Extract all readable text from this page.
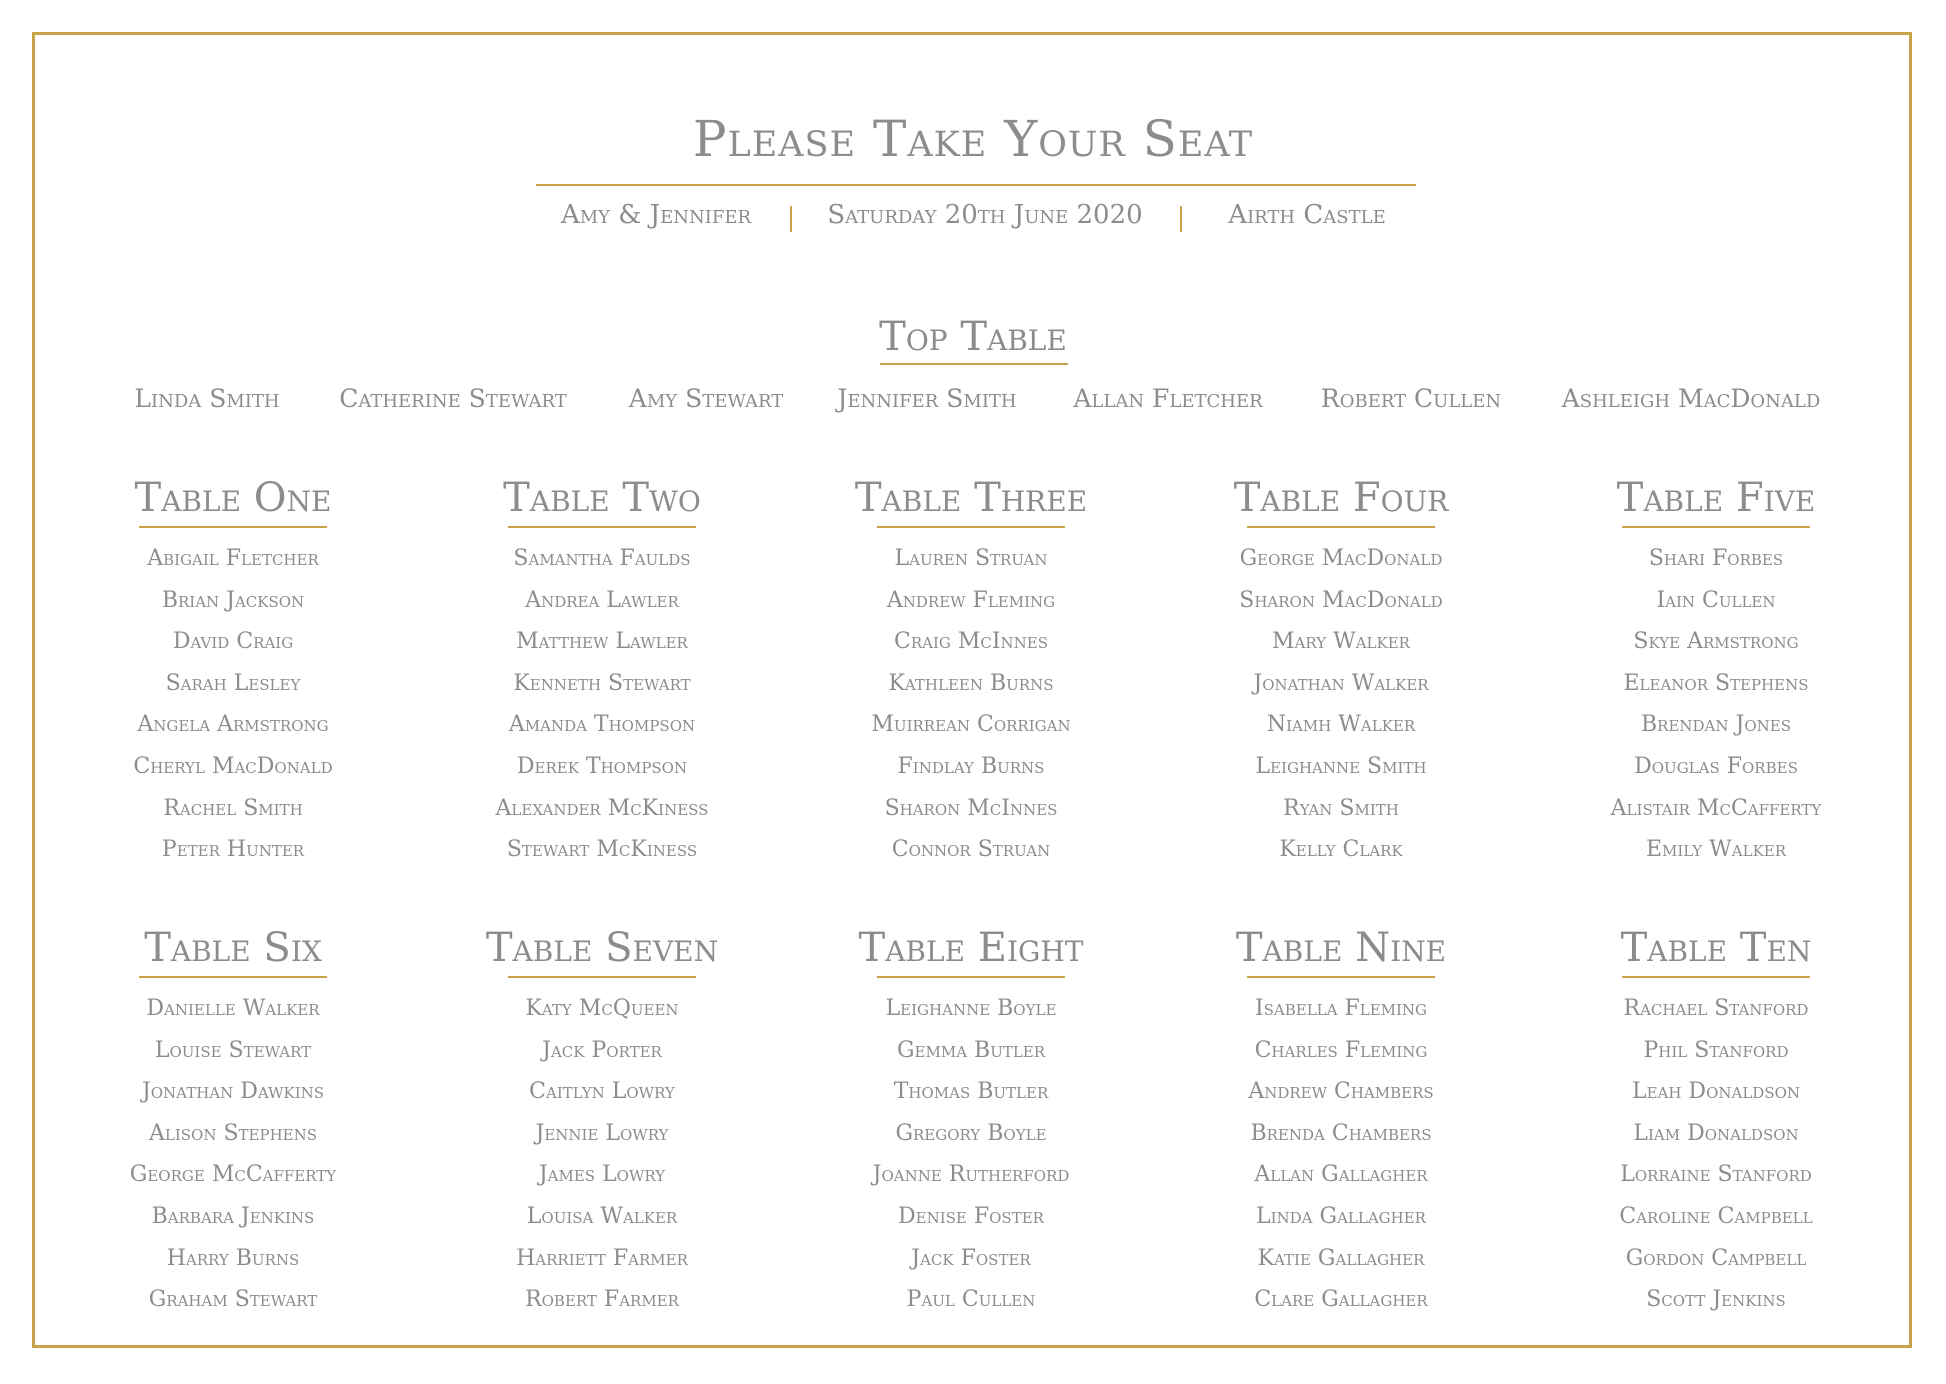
Please Take Your Seat
Amy & Jennifer	Saturday 20th June 2020	Airth Castle
Top Table
Linda Smith Catherine Stewart Amy Stewart Jennifer Smith Allan Fletcher Robert Cullen Ashleigh MacDonald
Table One
Abigail Fletcher
Brian Jackson
David Craig
Sarah Lesley
Angela Armstrong
Cheryl MacDonald
Rachel Smith
Peter Hunter
Table Two
Samantha Faulds
Andrea Lawler
Matthew Lawler
Kenneth Stewart
Amanda Thompson
Derek Thompson
Alexander McKiness
Stewart McKiness
Table Three
Lauren Struan
Andrew Fleming
Craig McInnes
Kathleen Burns
Muirrean Corrigan
Findlay Burns
Sharon McInnes
Connor Struan
Table Four
George MacDonald
Sharon MacDonald
Mary Walker
Jonathan Walker
Niamh Walker
Leighanne Smith
Ryan Smith
Kelly Clark
Table Five
Shari Forbes
Iain Cullen
Skye Armstrong
Eleanor Stephens
Brendan Jones
Douglas Forbes
Alistair McCafferty
Emily Walker
Table Six
Danielle Walker
Louise Stewart
Jonathan Dawkins
Alison Stephens
George McCafferty
Barbara Jenkins
Harry Burns
Graham Stewart
Table Seven
Katy McQueen
Jack Porter
Caitlyn Lowry
Jennie Lowry
James Lowry
Louisa Walker
Harriett Farmer
Robert Farmer
Table Eight
Leighanne Boyle
Gemma Butler
Thomas Butler
Gregory Boyle
Joanne Rutherford
Denise Foster
Jack Foster
Paul Cullen
Table Nine
Isabella Fleming
Charles Fleming
Andrew Chambers
Brenda Chambers
Allan Gallagher
Linda Gallagher
Katie Gallagher
Clare Gallagher
Table Ten
Rachael Stanford
Phil Stanford
Leah Donaldson
Liam Donaldson
Lorraine Stanford
Caroline Campbell
Gordon Campbell
Scott Jenkins
